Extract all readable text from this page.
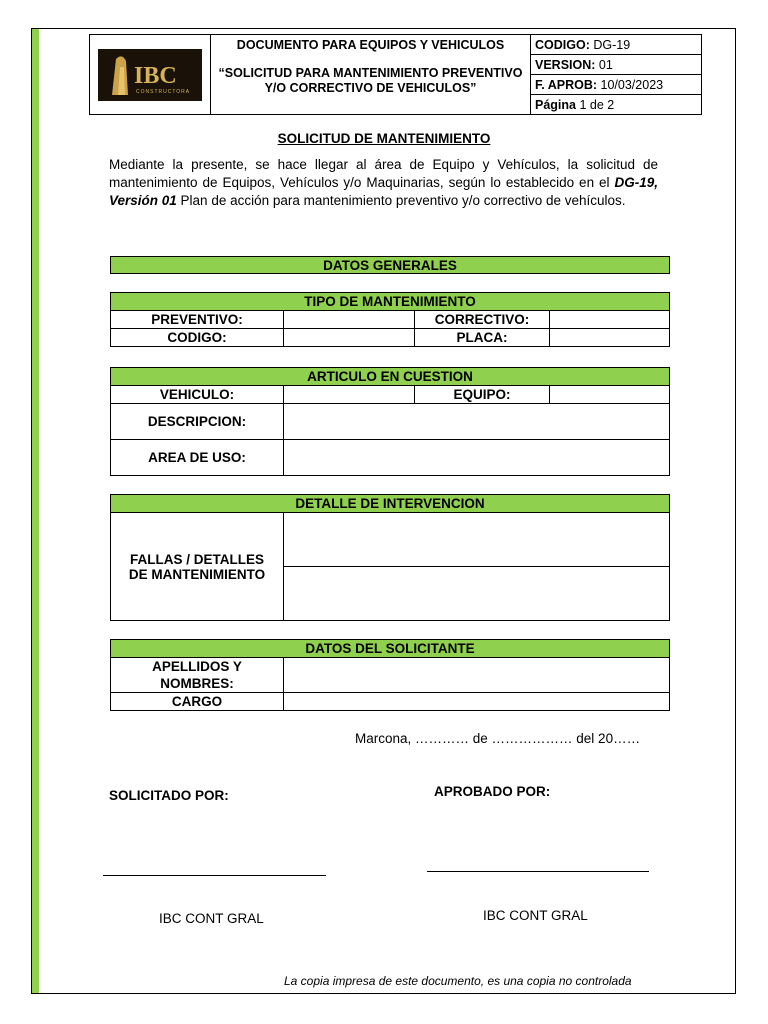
IBC
CONSTRUCTORA

DOCUMENTO PARA EQUIPOS Y VEHICULOS
“SOLICITUD PARA MANTENIMIENTO PREVENTIVO Y/O CORRECTIVO DE VEHICULOS”
	CODIGO: DG-19
VERSION: 01
F. APROB: 10/03/2023
Página 1 de 2
SOLICITUD DE MANTENIMIENTO
Mediante la presente, se hace llegar al área de Equipo y Vehículos, la solicitud de mantenimiento de Equipos, Vehículos y/o Maquinarias, según lo establecido en el DG-19, Versión 01 Plan de acción para mantenimiento preventivo y/o correctivo de vehículos.
DATOS GENERALES
TIPO DE MANTENIMIENTO			
PREVENTIVO:		CORRECTIVO:	
CODIGO:		PLACA:	
ARTICULO EN CUESTION			
VEHICULO:		EQUIPO:	
DESCRIPCION:			
AREA DE USO:			
DETALLE DE INTERVENCION

FALLAS / DETALLES
DE MANTENIMIENTO

DATOS DEL SOLICITANTE	

APELLIDOS Y
NOMBRES:	

CARGO	
Marcona, ………… de ……………… del 20……
SOLICITADO POR:	APROBADO POR:
IBC CONT GRAL	IBC CONT GRAL
La copia impresa de este documento, es una copia no controlada
